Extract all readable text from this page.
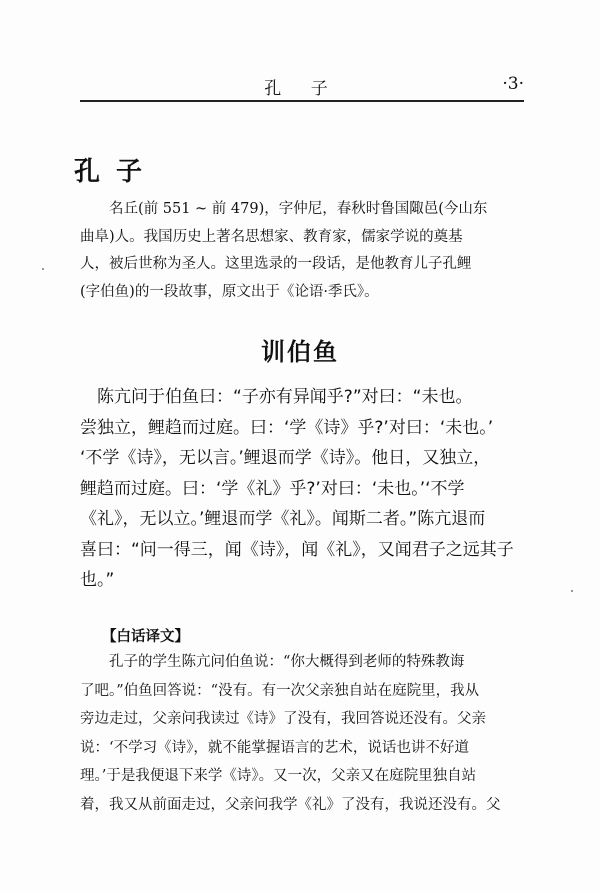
孔 子	·3·
孔子
　　名丘(前 551 ~ 前 479)，字仲尼，春秋时鲁国陬邑(今山东
曲阜)人。我国历史上著名思想家、教育家，儒家学说的奠基
人，被后世称为圣人。这里选录的一段话，是他教育儿子孔鲤
(字伯鱼)的一段故事，原文出于《论语·季氏》。
训伯鱼
　陈亢问于伯鱼曰：“子亦有异闻乎?”对曰：“未也。
尝独立，鲤趋而过庭。曰：‘学《诗》乎?’对曰：‘未也。’
‘不学《诗》，无以言。’鲤退而学《诗》。他日，又独立，
鲤趋而过庭。曰：‘学《礼》乎?’对曰：‘未也。’‘不学
《礼》，无以立。’鲤退而学《礼》。闻斯二者。”陈亢退而
喜曰：“问一得三，闻《诗》，闻《礼》，又闻君子之远其子
也。”
【白话译文】
　　孔子的学生陈亢问伯鱼说：“你大概得到老师的特殊教诲
了吧。”伯鱼回答说：“没有。有一次父亲独自站在庭院里，我从
旁边走过，父亲问我读过《诗》了没有，我回答说还没有。父亲
说：‘不学习《诗》，就不能掌握语言的艺术，说话也讲不好道
理。’于是我便退下来学《诗》。又一次，父亲又在庭院里独自站
着，我又从前面走过，父亲问我学《礼》了没有，我说还没有。父
